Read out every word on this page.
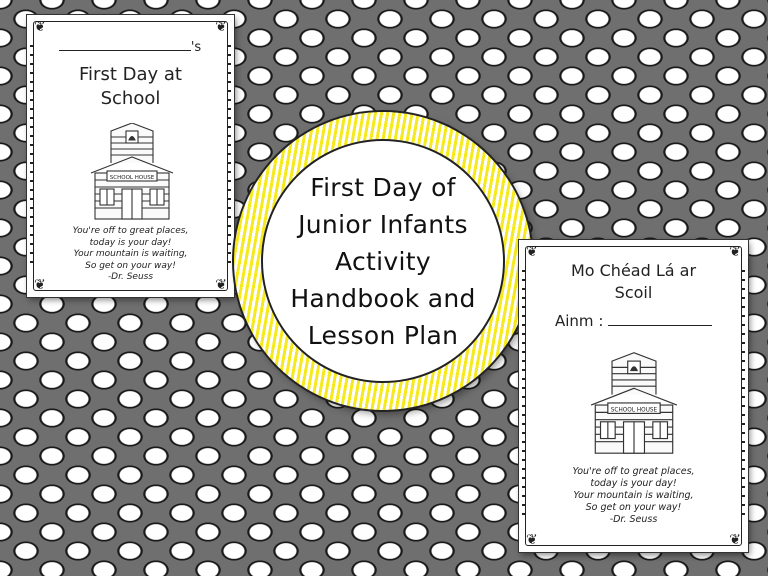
❦	❦
❦	❦
's
First Day at
School
SCHOOL HOUSE
You're off to great places,
today is your day!
Your mountain is waiting,
So get on your way!
-Dr. Seuss
First Day of
Junior Infants
Activity
Handbook and
Lesson Plan
❦	❦
❦	❦
Mo Chéad Lá ar
Scoil
Ainm :
SCHOOL HOUSE
You're off to great places,
today is your day!
Your mountain is waiting,
So get on your way!
-Dr. Seuss
